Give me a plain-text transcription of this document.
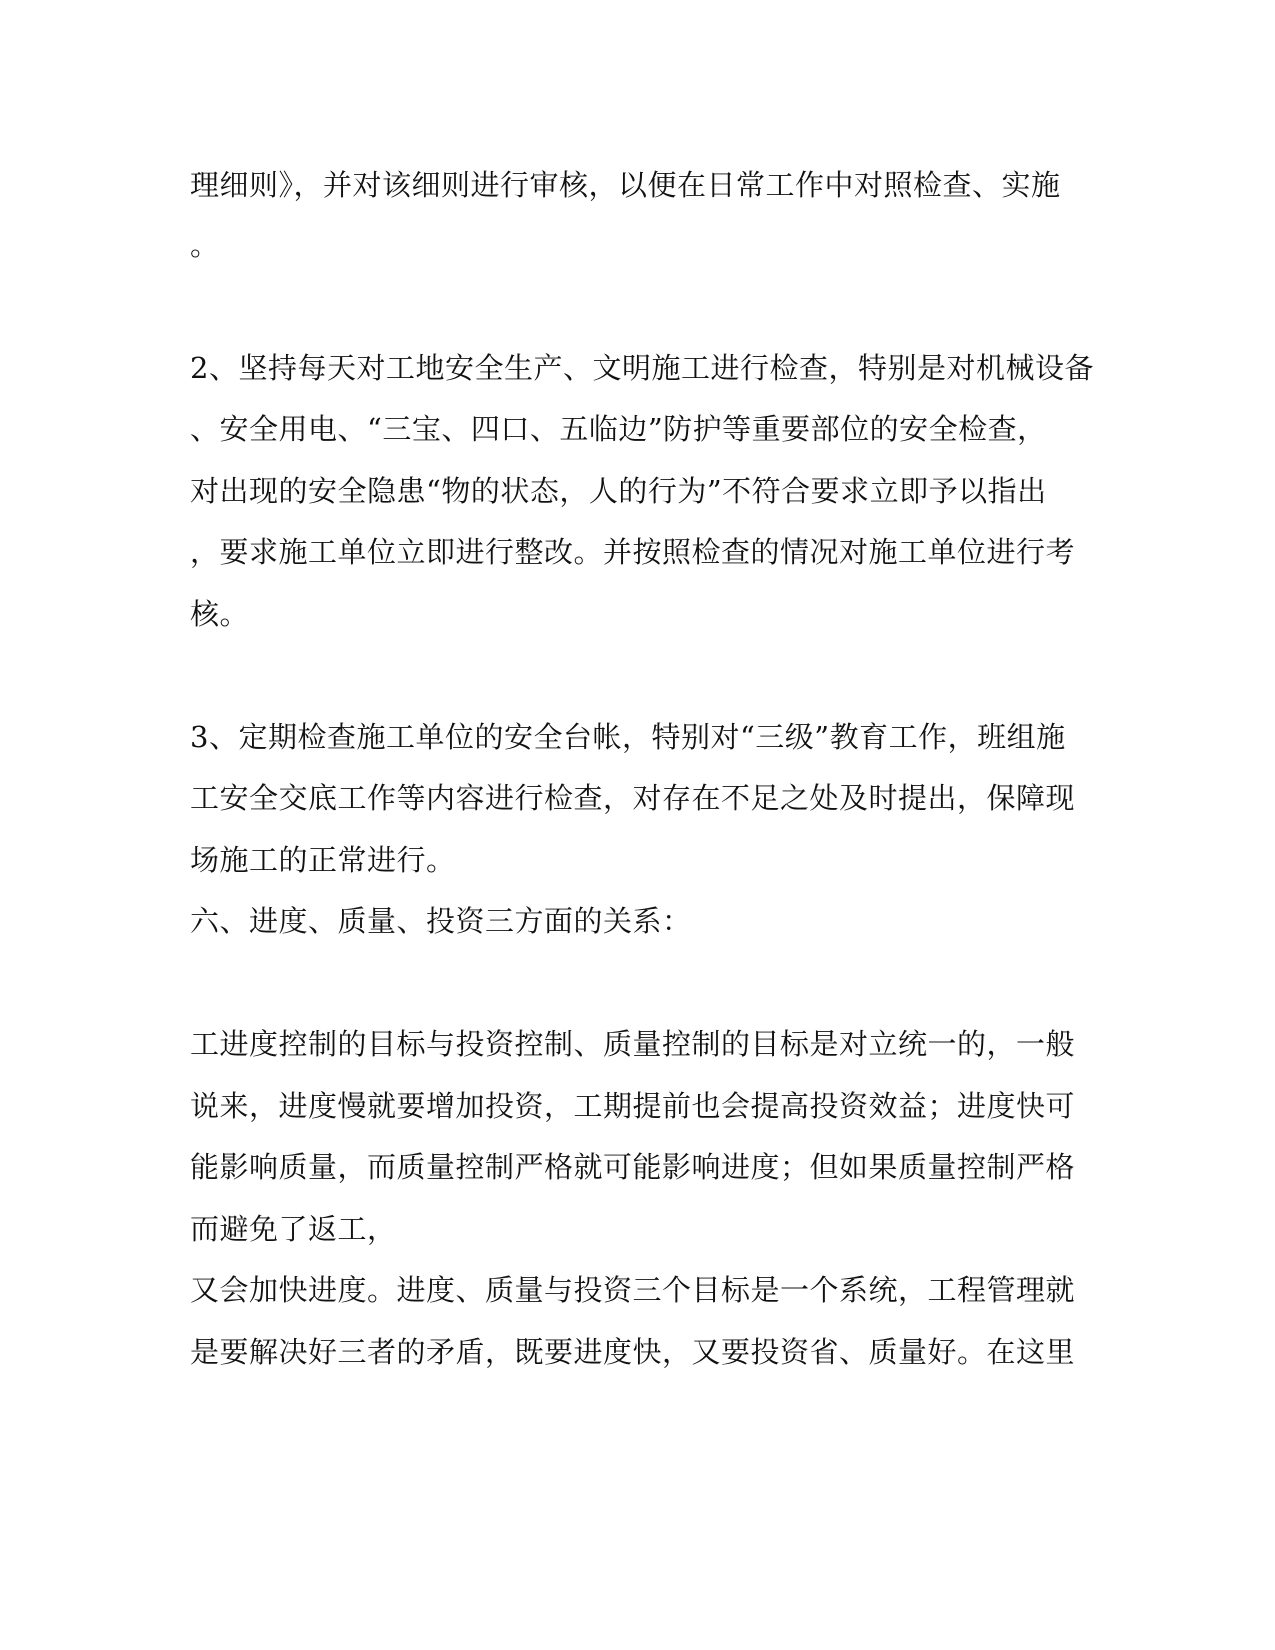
理细则》，并对该细则进行审核，以便在日常工作中对照检查、实施
。
2、坚持每天对工地安全生产、文明施工进行检查，特别是对机械设备
、安全用电、“三宝、四口、五临边”防护等重要部位的安全检查，
对出现的安全隐患“物的状态，人的行为”不符合要求立即予以指出
，要求施工单位立即进行整改。并按照检查的情况对施工单位进行考
核。
3、定期检查施工单位的安全台帐，特别对“三级”教育工作，班组施
工安全交底工作等内容进行检查，对存在不足之处及时提出，保障现
场施工的正常进行。
六、进度、质量、投资三方面的关系：
工进度控制的目标与投资控制、质量控制的目标是对立统一的，一般
说来，进度慢就要增加投资，工期提前也会提高投资效益；进度快可
能影响质量，而质量控制严格就可能影响进度；但如果质量控制严格
而避免了返工，
又会加快进度。进度、质量与投资三个目标是一个系统，工程管理就
是要解决好三者的矛盾，既要进度快，又要投资省、质量好。在这里
